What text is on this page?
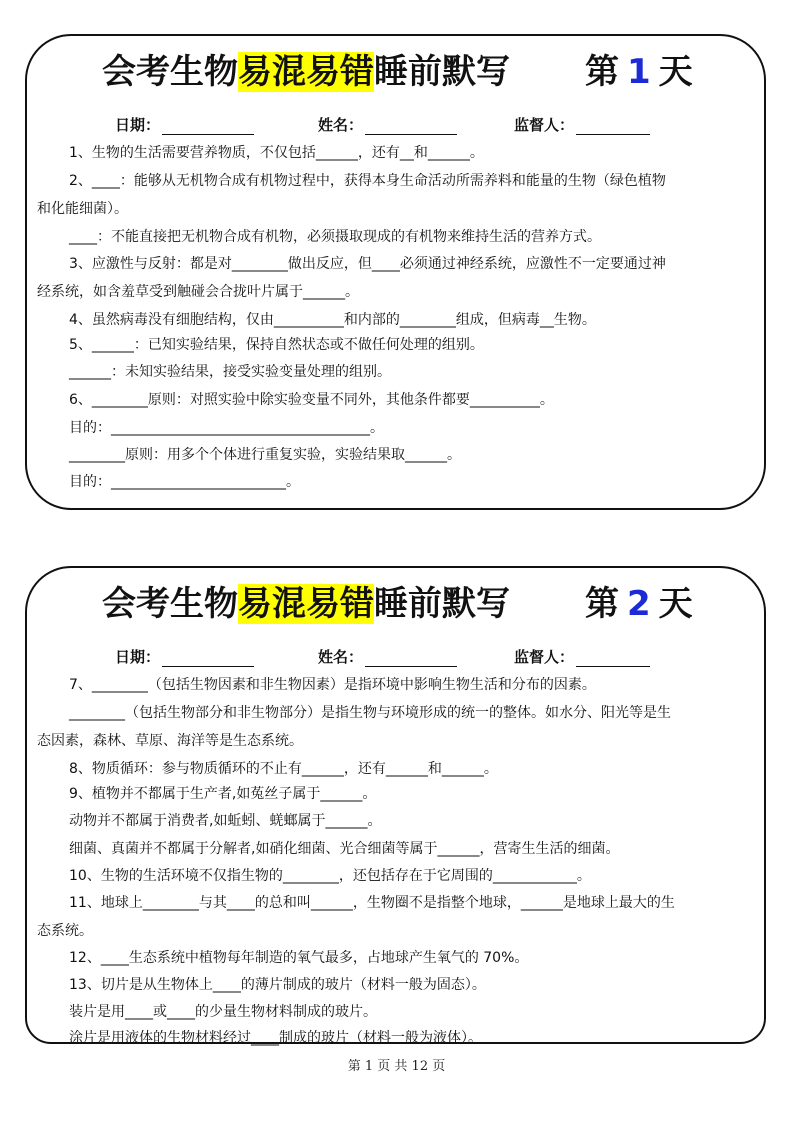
会考生物易混易错睡前默写 第 1 天
日期：	姓名：	监督人：
1、生物的生活需要营养物质，不仅包括______，还有__和______。
2、____：能够从无机物合成有机物过程中，获得本身生命活动所需养料和能量的生物（绿色植物
和化能细菌）。
____：不能直接把无机物合成有机物，必须摄取现成的有机物来维持生活的营养方式。
3、应激性与反射：都是对________做出反应，但____必须通过神经系统，应激性不一定要通过神
经系统，如含羞草受到触碰会合拢叶片属于______。
4、虽然病毒没有细胞结构，仅由__________和内部的________组成，但病毒__生物。
5、______：已知实验结果，保持自然状态或不做任何处理的组别。
______：未知实验结果，接受实验变量处理的组别。
6、________原则：对照实验中除实验变量不同外，其他条件都要__________。
目的：_____________________________________。
________原则：用多个个体进行重复实验，实验结果取______。
目的：_________________________。
会考生物易混易错睡前默写 第 2 天
日期：	姓名：	监督人：
7、________（包括生物因素和非生物因素）是指环境中影响生物生活和分布的因素。
________（包括生物部分和非生物部分）是指生物与环境形成的统一的整体。如水分、阳光等是生
态因素，森林、草原、海洋等是生态系统。
8、物质循环：参与物质循环的不止有______，还有______和______。
9、植物并不都属于生产者,如菟丝子属于______。
动物并不都属于消费者,如蚯蚓、蜣螂属于______。
细菌、真菌并不都属于分解者,如硝化细菌、光合细菌等属于______，营寄生生活的细菌。
10、生物的生活环境不仅指生物的________，还包括存在于它周围的____________。
11、地球上________与其____的总和叫______，生物圈不是指整个地球，______是地球上最大的生
态系统。
12、____生态系统中植物每年制造的氧气最多，占地球产生氧气的 70%。
13、切片是从生物体上____的薄片制成的玻片（材料一般为固态）。
装片是用____或____的少量生物材料制成的玻片。
涂片是用液体的生物材料经过____制成的玻片（材料一般为液体）。
第 1 页 共 12 页
